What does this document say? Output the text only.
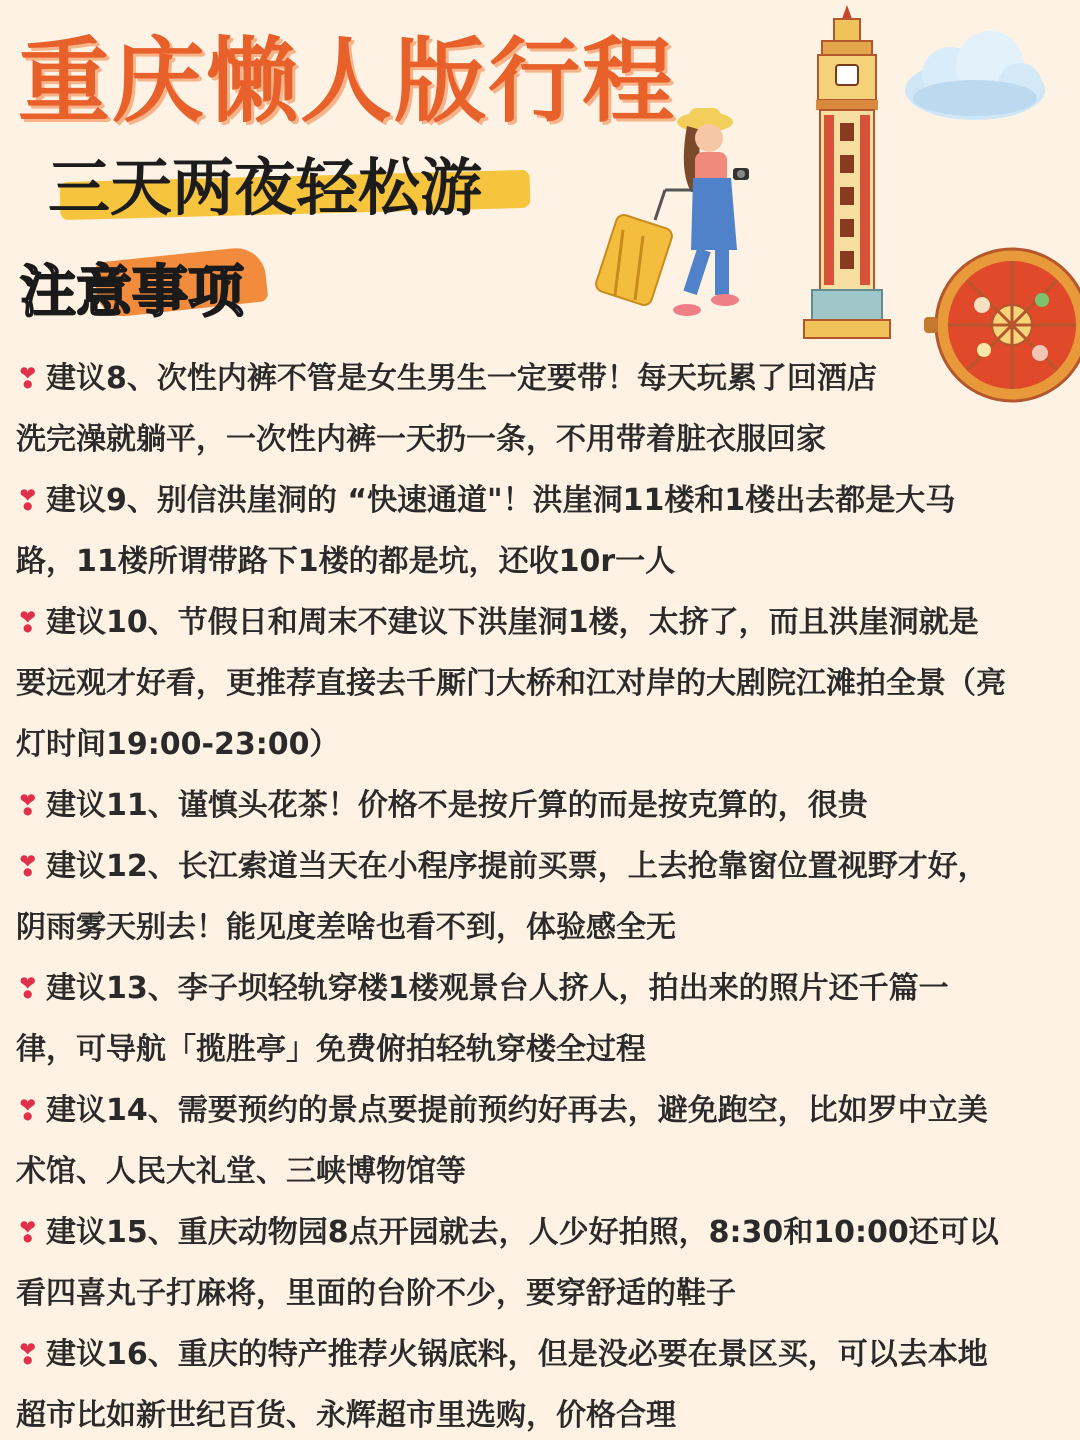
重庆懒人版行程
三天两夜轻松游
注意事项
❣ 建议8、次性内裤不管是女生男生一定要带！每天玩累了回酒店
洗完澡就躺平，一次性内裤一天扔一条，不用带着脏衣服回家
❣ 建议9、别信洪崖洞的 “快速通道"！洪崖洞11楼和1楼出去都是大马
路，11楼所谓带路下1楼的都是坑，还收10r一人
❣ 建议10、节假日和周末不建议下洪崖洞1楼，太挤了，而且洪崖洞就是
要远观才好看，更推荐直接去千厮门大桥和江对岸的大剧院江滩拍全景（亮
灯时间19:00-23:00）
❣ 建议11、谨慎头花茶！价格不是按斤算的而是按克算的，很贵
❣ 建议12、长江索道当天在小程序提前买票，上去抢靠窗位置视野才好，
阴雨雾天别去！能见度差啥也看不到，体验感全无
❣ 建议13、李子坝轻轨穿楼1楼观景台人挤人，拍出来的照片还千篇一
律，可导航「揽胜亭」免费俯拍轻轨穿楼全过程
❣ 建议14、需要预约的景点要提前预约好再去，避免跑空，比如罗中立美
术馆、人民大礼堂、三峡博物馆等
❣ 建议15、重庆动物园8点开园就去，人少好拍照，8:30和10:00还可以
看四喜丸子打麻将，里面的台阶不少，要穿舒适的鞋子
❣ 建议16、重庆的特产推荐火锅底料，但是没必要在景区买，可以去本地
超市比如新世纪百货、永辉超市里选购，价格合理
